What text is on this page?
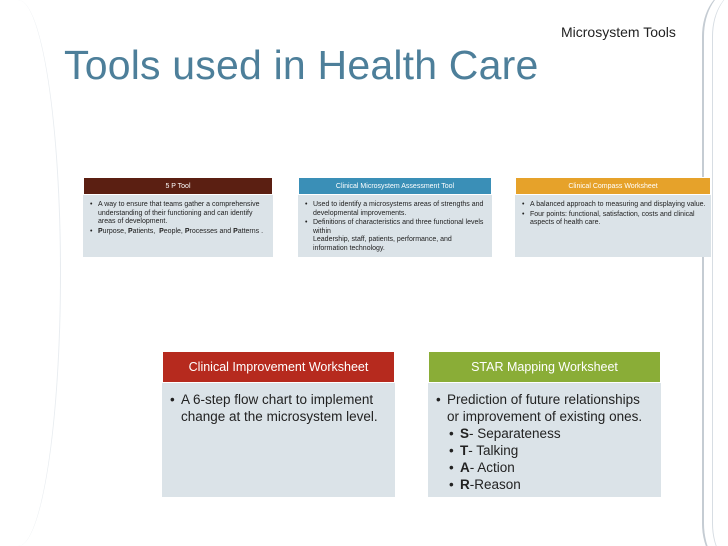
Tools used in Health Care
Microsystem Tools
5 P Tool
• A way to ensure that teams gather a comprehensive understanding of their functioning and can identify areas of development.
• Purpose, Patients,  People, Processes and Patterns .
Clinical Microsystem Assessment Tool
• Used to identify a microsystems areas of strengths and developmental improvements.
• Definitions of characteristics and three functional levels within
Leadership, staff, patients, performance, and information technology.
Clinical Compass Worksheet
• A balanced approach to measuring and displaying value.
• Four points: functional, satisfaction, costs and clinical aspects of health care.
Clinical Improvement Worksheet
• A 6-step flow chart to implement change at the microsystem level.
STAR Mapping Worksheet
• Prediction of future relationships or improvement of existing ones.
• S- Separateness
• T- Talking
• A- Action
• R-Reason
